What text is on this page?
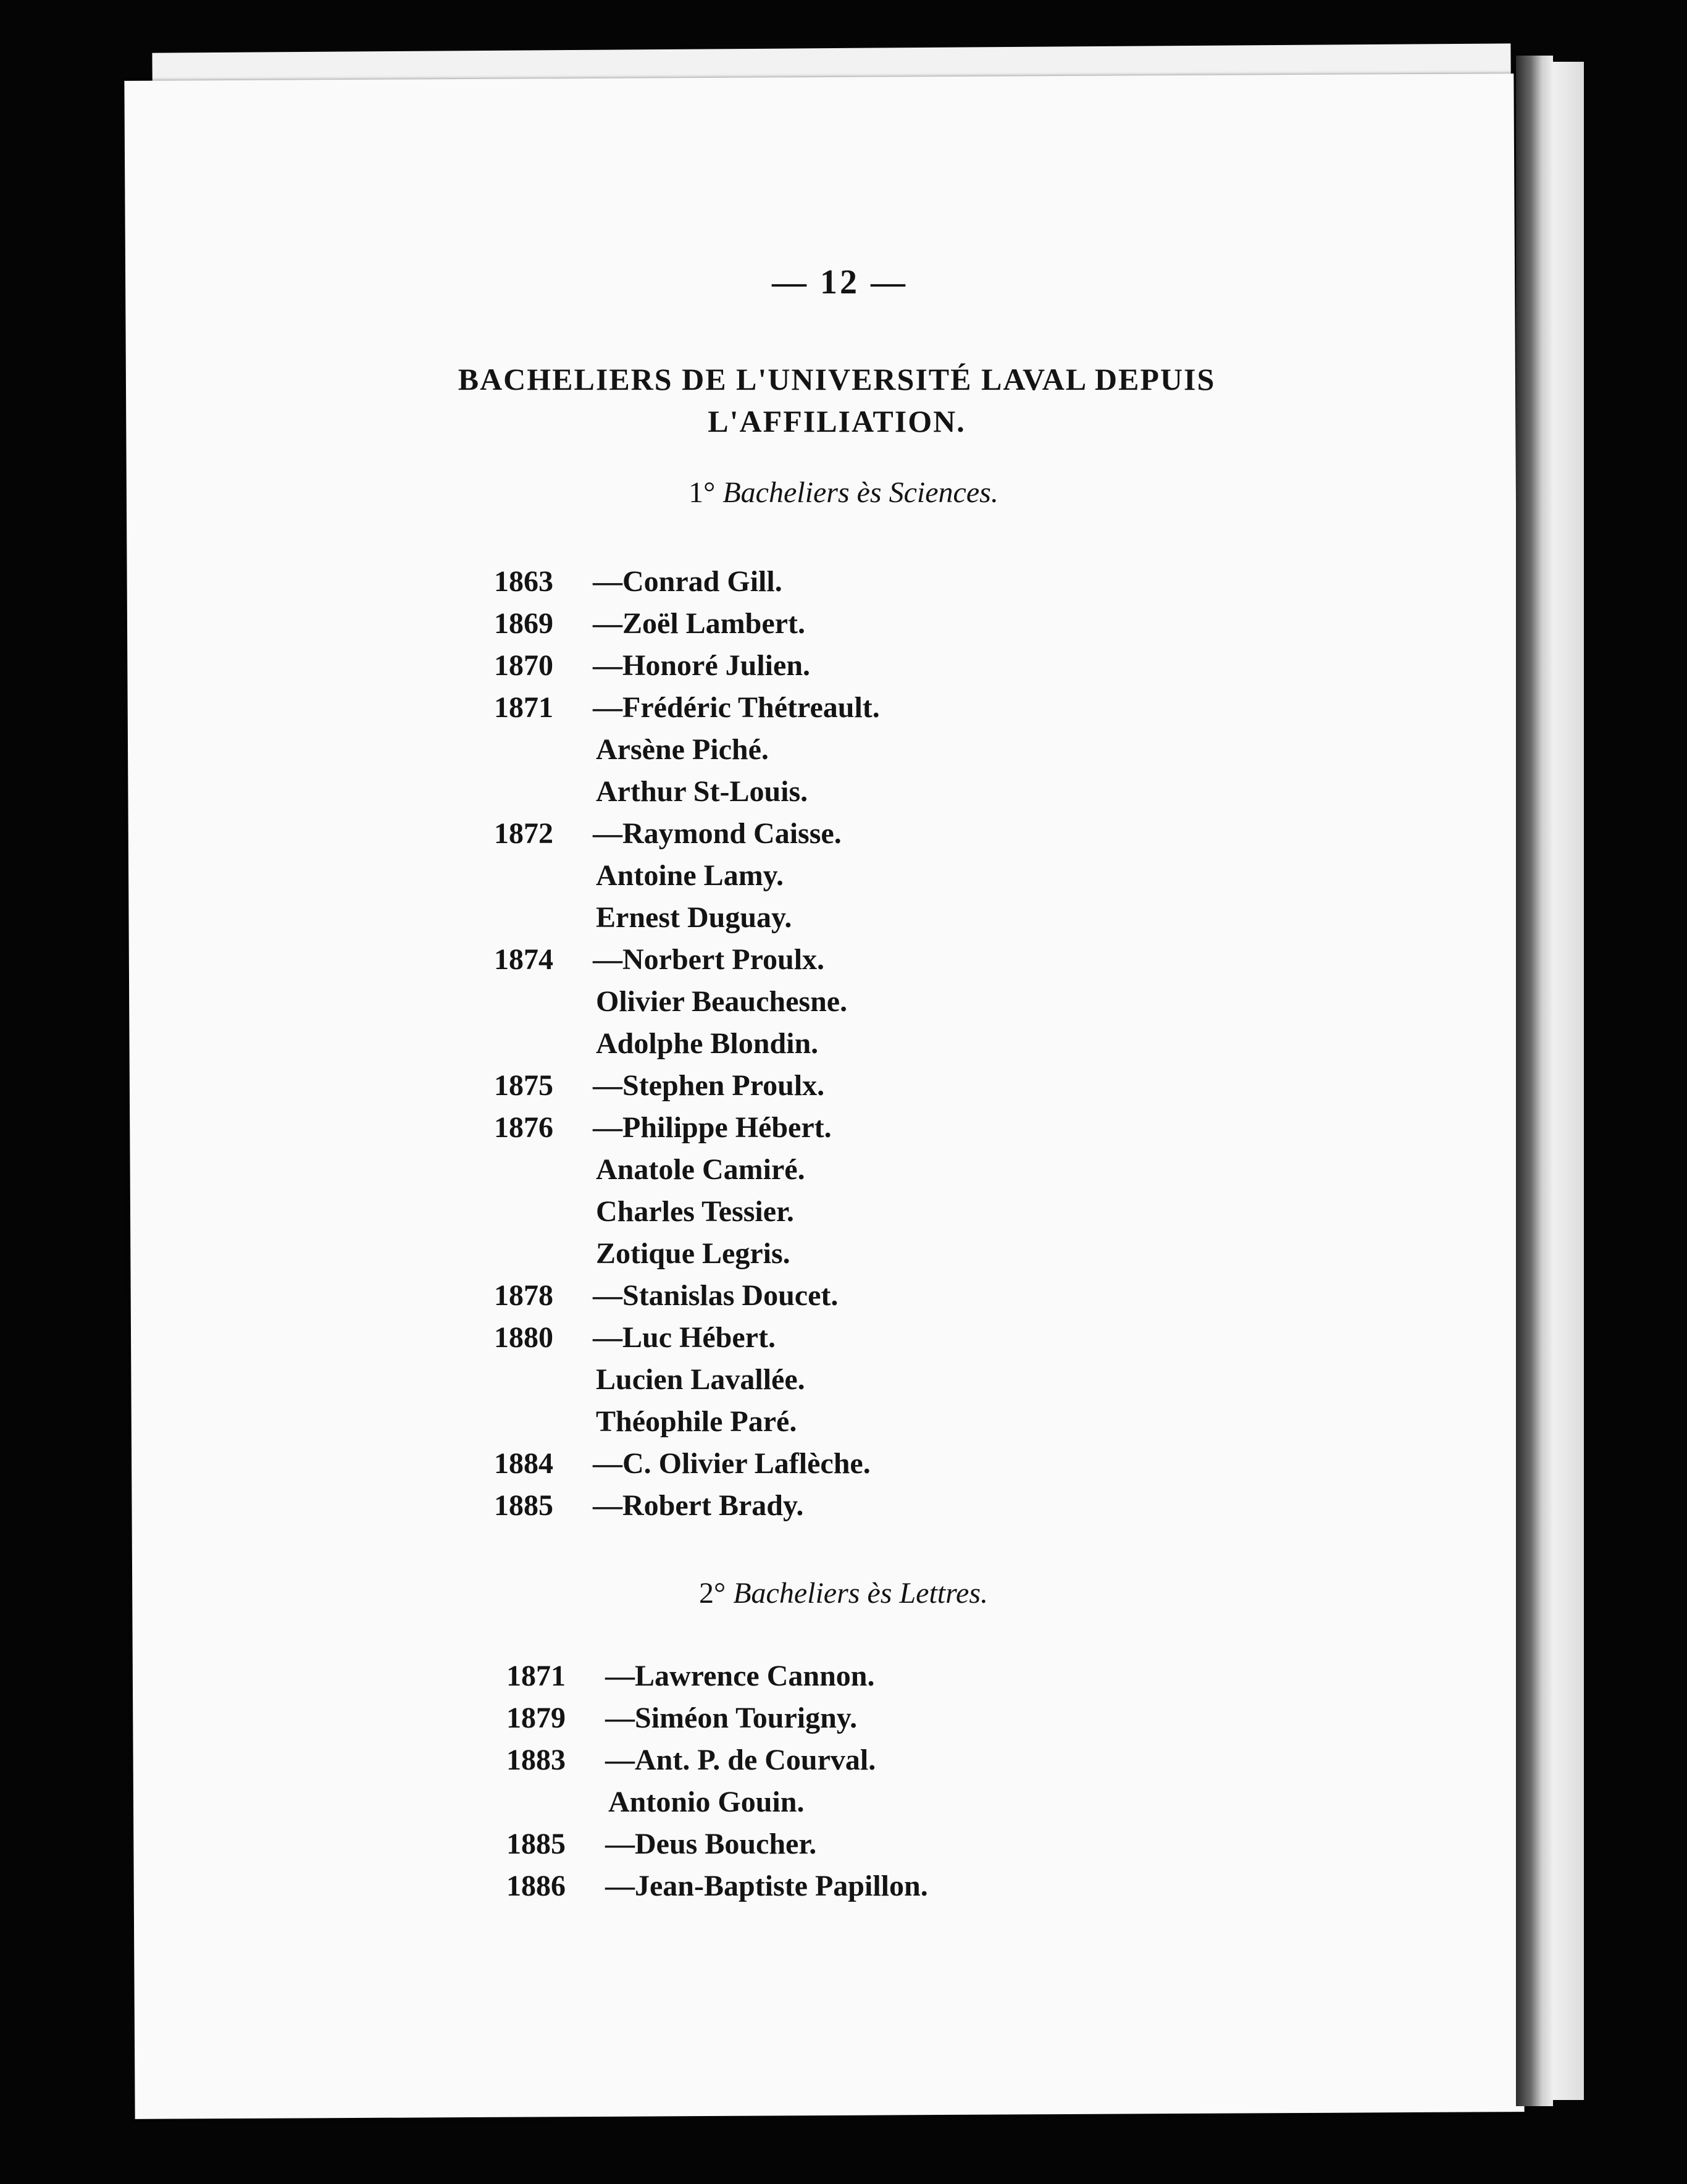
— 12 —
BACHELIERS DE L'UNIVERSITÉ LAVAL DEPUIS
L'AFFILIATION.
1° Bacheliers ès Sciences.
1863 —Conrad Gill.
1869 —Zoël Lambert.
1870 —Honoré Julien.
1871 —Frédéric Thétreault.
Arsène Piché.
Arthur St-Louis.
1872 —Raymond Caisse.
Antoine Lamy.
Ernest Duguay.
1874 —Norbert Proulx.
Olivier Beauchesne.
Adolphe Blondin.
1875 —Stephen Proulx.
1876 —Philippe Hébert.
Anatole Camiré.
Charles Tessier.
Zotique Legris.
1878 —Stanislas Doucet.
1880 —Luc Hébert.
Lucien Lavallée.
Théophile Paré.
1884 —C. Olivier Laflèche.
1885 —Robert Brady.
2° Bacheliers ès Lettres.
1871 —Lawrence Cannon.
1879 —Siméon Tourigny.
1883 —Ant. P. de Courval.
Antonio Gouin.
1885 —Deus Boucher.
1886 —Jean-Baptiste Papillon.
